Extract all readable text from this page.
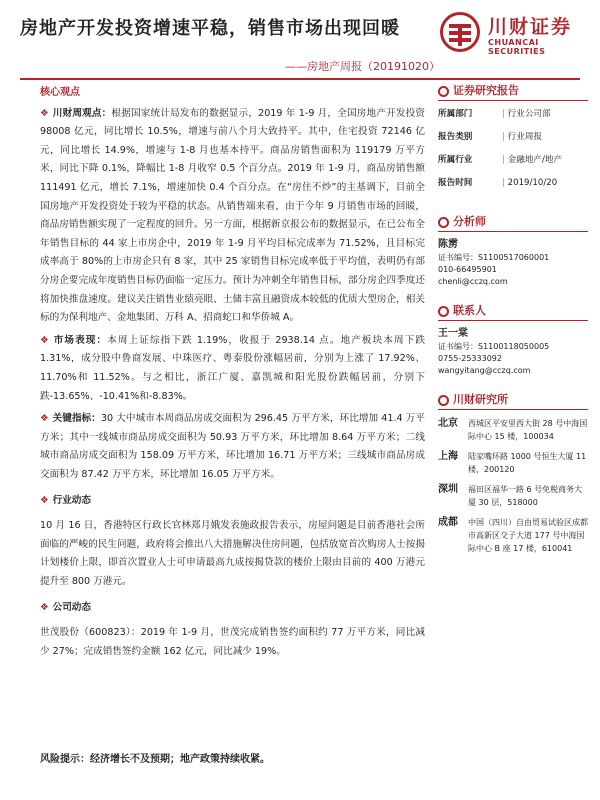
房地产开发投资增速平稳，销售市场出现回暖
——房地产周报（20191020）
川财证券
CHUANCAI SECURITIES
核心观点
❖ 川财周观点：根据国家统计局发布的数据显示，2019 年 1-9 月，全国房地产开发投资 98008 亿元，同比增长 10.5%，增速与前八个月大致持平。其中，住宅投资 72146 亿元，同比增长 14.9%，增速与 1-8 月也基本持平。商品房销售面积为 119179 万平方米，同比下降 0.1%，降幅比 1-8 月收窄 0.5 个百分点。2019 年 1-9 月，商品房销售额 111491 亿元，增长 7.1%，增速加快 0.4 个百分点。在“房住不炒”的主基调下，目前全国房地产开发投资处于较为平稳的状态。从销售端来看，由于今年 9 月销售市场的回暖，商品房销售额实现了一定程度的回升。另一方面，根据新京报公布的数据显示，在已公布全年销售目标的 44 家上市房企中，2019 年 1-9 月平均目标完成率为 71.52%，且目标完成率高于 80%的上市房企只有 8 家，其中 25 家销售目标完成率低于平均值，表明仍有部分房企要完成年度销售目标仍面临一定压力。预计为冲刺全年销售目标，部分房企四季度还将加快推盘速度。建议关注销售业绩亮眼、土储丰富且融资成本较低的优质大型房企，相关标的为保利地产、金地集团、万科 A、招商蛇口和华侨城 A。
❖ 市场表现：本周上证综指下跌 1.19%，收报于 2938.14 点。地产板块本周下跌 1.31%，成分股中鲁商发展、中珠医疗、粤泰股份涨幅居前，分别为上涨了 17.92%、11.70%和 11.52%。与之相比，浙江广厦、嘉凯城和阳光股份跌幅居前，分别下跌-13.65%、-10.41%和-8.83%。
❖ 关键指标：30 大中城市本周商品房成交面积为 296.45 万平方米，环比增加 41.4 万平方米；其中一线城市商品房成交面积为 50.93 万平方米，环比增加 8.64 万平方米；二线城市商品房成交面积为 158.09 万平方米，环比增加 16.71 万平方米；三线城市商品房成交面积为 87.42 万平方米，环比增加 16.05 万平方米。
❖ 行业动态
10 月 16 日，香港特区行政长官林郑月娥发表施政报告表示，房屋问题是目前香港社会所面临的严峻的民生问题，政府将会推出八大措施解决住房问题，包括放宽首次购房人士按揭计划楼价上限，即首次置业人士可申请最高九成按揭贷款的楼价上限由目前的 400 万港元提升至 800 万港元。
❖ 公司动态
世茂股份（600823）：2019 年 1-9 月，世茂完成销售签约面积约 77 万平方米，同比减少 27%；完成销售签约金额 162 亿元，同比减少 19%。
风险提示：经济增长不及预期；地产政策持续收紧。
证券研究报告
所属部门	| 行业公司部
报告类别	| 行业周报
所属行业	| 金融地产/地产
报告时间	| 2019/10/20
分析师
陈雳
证书编号：S1100517060001
010-66495901
chenli@cczq.com
联系人
王一棠
证书编号：S1100118050005
0755-25333092
wangyitang@cczq.com
川财研究所
北京	西城区平安里西大街 28 号中海国际中心 15 楼，100034
上海	陆家嘴环路 1000 号恒生大厦 11 楼，200120
深圳	福田区福华一路 6 号免税商务大厦 30 层，518000
成都	中国（四川）自由贸易试验区成都市高新区交子大道 177 号中海国际中心 B 座 17 楼，610041
